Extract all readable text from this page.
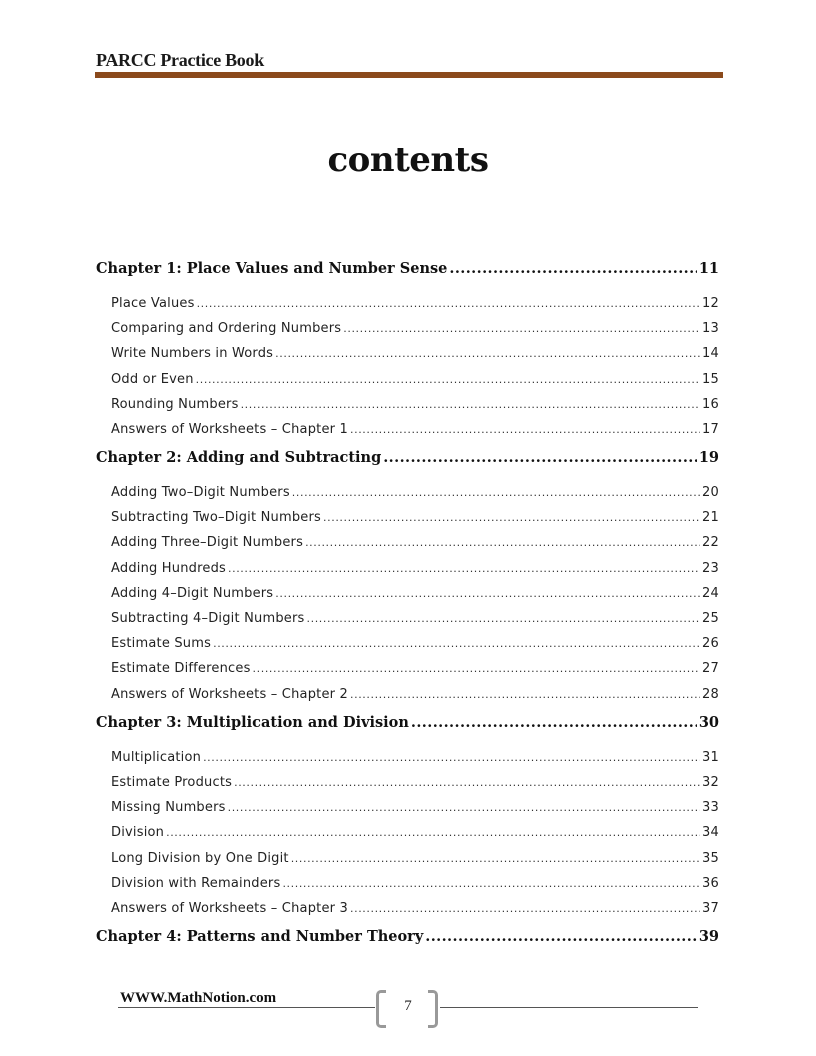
PARCC Practice Book
contents
Chapter 1: Place Values and Number Sense .....	11
Place Values .....	12
Comparing and Ordering Numbers .....	13
Write Numbers in Words .....	14
Odd or Even .....	15
Rounding Numbers .....	16
Answers of Worksheets – Chapter 1 .....	17
Chapter 2: Adding and Subtracting .....	19
Adding Two–Digit Numbers .....	20
Subtracting Two–Digit Numbers .....	21
Adding Three–Digit Numbers .....	22
Adding Hundreds .....	23
Adding 4–Digit Numbers .....	24
Subtracting 4–Digit Numbers .....	25
Estimate Sums .....	26
Estimate Differences .....	27
Answers of Worksheets – Chapter 2 .....	28
Chapter 3: Multiplication and Division .....	30
Multiplication .....	31
Estimate Products .....	32
Missing Numbers .....	33
Division .....	34
Long Division by One Digit .....	35
Division with Remainders .....	36
Answers of Worksheets – Chapter 3 .....	37
Chapter 4: Patterns and Number Theory .....	39
WWW.MathNotion.com	7
